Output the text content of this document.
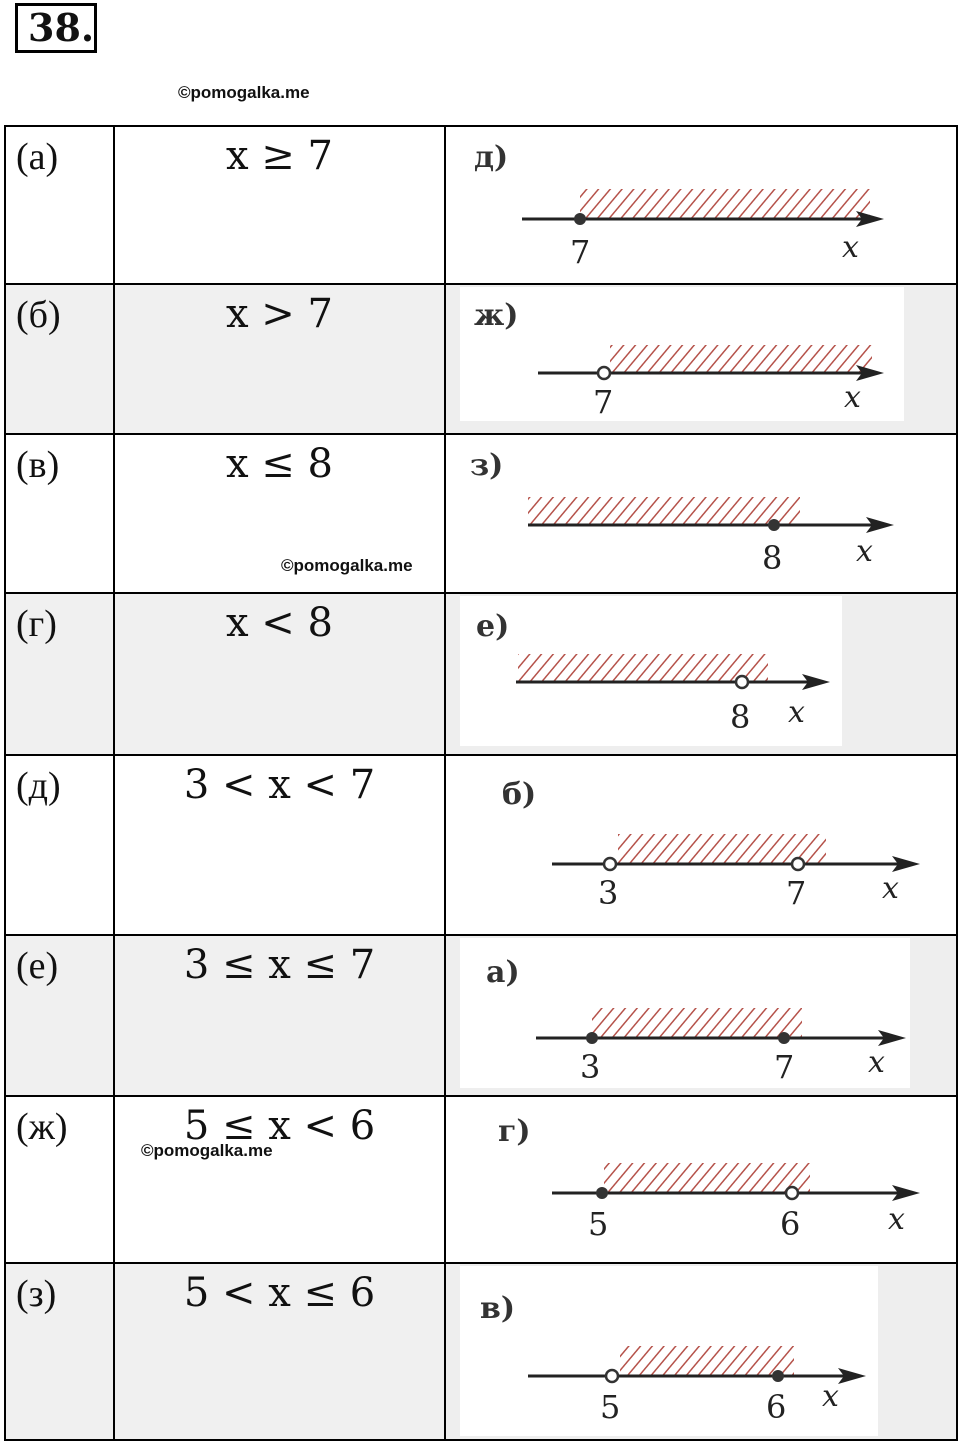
38.
©pomogalka.me
©pomogalka.me
©pomogalka.me
(а)	x ≥ 7	д)
7 x

(б)	x > 7	ж)
7 x

(в)	x ≤ 8	з)
8 x

(г)	x < 8	е)
8 x

(д)	3 < x < 7	б)
3 7 x

(е)	3 ≤ x ≤ 7	а)
3 7 x

(ж)	5 ≤ x < 6	г)
5 6 x

(з)	5 < x ≤ 6	в)
5 6 x
